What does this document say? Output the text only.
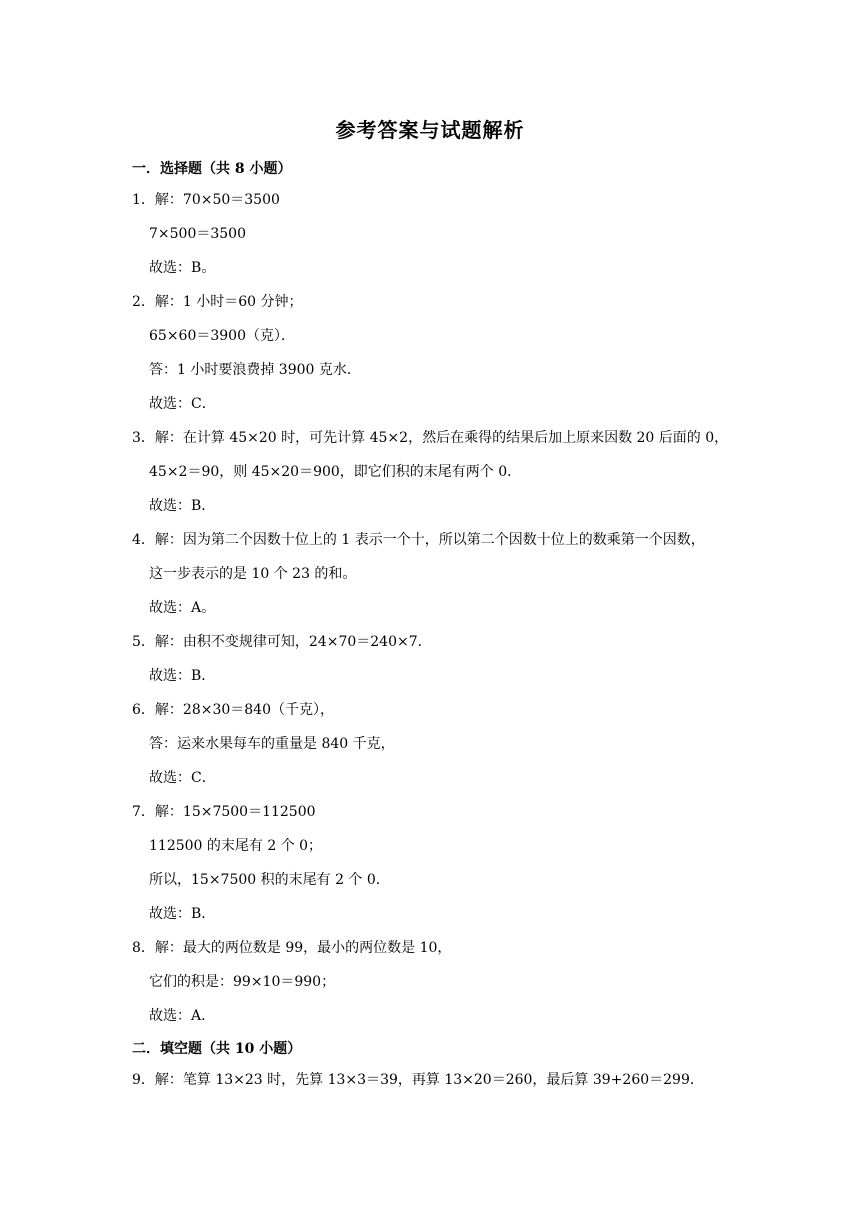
参考答案与试题解析
一．选择题（共 8 小题）
1．解：70×50＝3500
7×500＝3500
故选：B。
2．解：1 小时＝60 分钟；
65×60＝3900（克）．
答：1 小时要浪费掉 3900 克水．
故选：C．
3．解：在计算 45×20 时，可先计算 45×2，然后在乘得的结果后加上原来因数 20 后面的 0，
45×2＝90，则 45×20＝900，即它们积的末尾有两个 0．
故选：B．
4．解：因为第二个因数十位上的 1 表示一个十，所以第二个因数十位上的数乘第一个因数，
这一步表示的是 10 个 23 的和。
故选：A。
5．解：由积不变规律可知，24×70＝240×7．
故选：B．
6．解：28×30＝840（千克），
答：运来水果每车的重量是 840 千克，
故选：C．
7．解：15×7500＝112500
112500 的末尾有 2 个 0；
所以，15×7500 积的末尾有 2 个 0．
故选：B．
8．解：最大的两位数是 99，最小的两位数是 10，
它们的积是：99×10＝990；
故选：A．
二．填空题（共 10 小题）
9．解：笔算 13×23 时，先算 13×3＝39，再算 13×20＝260，最后算 39+260＝299．
